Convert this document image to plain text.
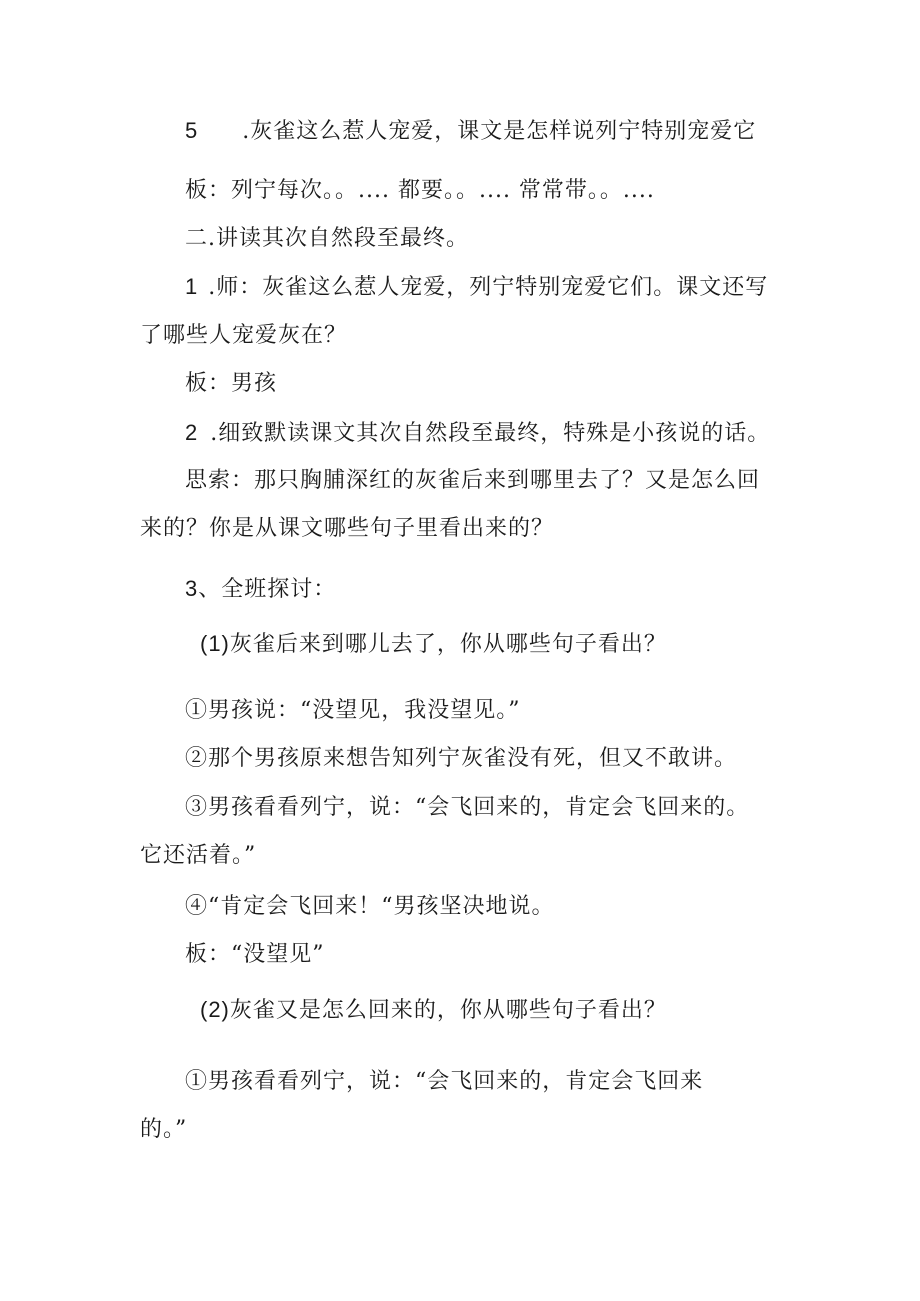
5 .灰雀这么惹人宠爱，课文是怎样说列宁特别宠爱它
板：列宁每次。。.... 都要。。.... 常常带。。....
二.讲读其次自然段至最终。
1 .师：灰雀这么惹人宠爱，列宁特别宠爱它们。课文还写
了哪些人宠爱灰在？
板：男孩
2 .细致默读课文其次自然段至最终，特殊是小孩说的话。
思索：那只胸脯深红的灰雀后来到哪里去了？又是怎么回
来的？你是从课文哪些句子里看出来的？
3、全班探讨：
(1)灰雀后来到哪儿去了，你从哪些句子看出？
①男孩说：“没望见，我没望见。”
②那个男孩原来想告知列宁灰雀没有死，但又不敢讲。
③男孩看看列宁，说：“会飞回来的，肯定会飞回来的。
它还活着。”
④“肯定会飞回来！“男孩坚决地说。
板：“没望见”
(2)灰雀又是怎么回来的，你从哪些句子看出？
①男孩看看列宁，说：“会飞回来的，肯定会飞回来
的。”
